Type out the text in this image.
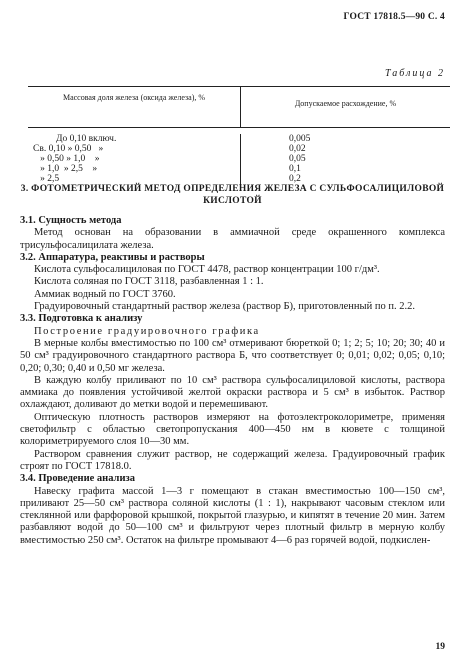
ГОСТ 17818.5—90 С. 4
Таблица 2
Массовая доля железа (оксида железа), %
Допускаемое расхождение, %
До 0,10 включ.
Св. 0,10 » 0,50   »
» 0,50 » 1,0    »
» 1,0  » 2,5    »
» 2,5
0,005
0,02
0,05
0,1
0,2
3. ФОТОМЕТРИЧЕСКИЙ МЕТОД ОПРЕДЕЛЕНИЯ ЖЕЛЕЗА С СУЛЬФОСАЛИЦИЛОВОЙ КИСЛОТОЙ

3.1. Сущность метода

Метод основан на образовании в аммиачной среде окрашенного комплекса трисульфосалицилата железа.

3.2. Аппаратура, реактивы и растворы

Кислота сульфосалициловая по ГОСТ 4478, раствор концентрации 100 г/дм³.

Кислота соляная по ГОСТ 3118, разбавленная 1 : 1.

Аммиак водный по ГОСТ 3760.

Градуировочный стандартный раствор железа (раствор Б), приготовленный по п. 2.2.

3.3. Подготовка к анализу

Построение градуировочного графика

В мерные колбы вместимостью по 100 см³ отмеривают бюреткой 0; 1; 2; 5; 10; 20; 30; 40 и 50 см³ градуировочного стандартного раствора Б, что соответствует 0; 0,01; 0,02; 0,05; 0,10; 0,20; 0,30; 0,40 и 0,50 мг железа.

В каждую колбу приливают по 10 см³ раствора сульфосалициловой кислоты, раствора аммиака до появления устойчивой желтой окраски раствора и 5 см³ в избыток. Раствор охлаждают, доливают до метки водой и перемешивают.

Оптическую плотность растворов измеряют на фотоэлектроколориметре, применяя светофильтр с областью светопропускания 400—450 нм в кювете с толщиной колориметрируемого слоя 10—30 мм.

Раствором сравнения служит раствор, не содержащий железа. Градуировочный график строят по ГОСТ 17818.0.

3.4. Проведение анализа

Навеску графита массой 1—3 г помещают в стакан вместимостью 100—150 см³, приливают 25—50 см³ раствора соляной кислоты (1 : 1), накрывают часовым стеклом или стеклянной или фарфоровой крышкой, покрытой глазурью, и кипятят в течение 20 мин. Затем разбавляют водой до 50—100 см³ и фильтруют через плотный фильтр в мерную колбу вместимостью 250 см³. Остаток на фильтре промывают 4—6 раз горячей водой, подкислен-

19
